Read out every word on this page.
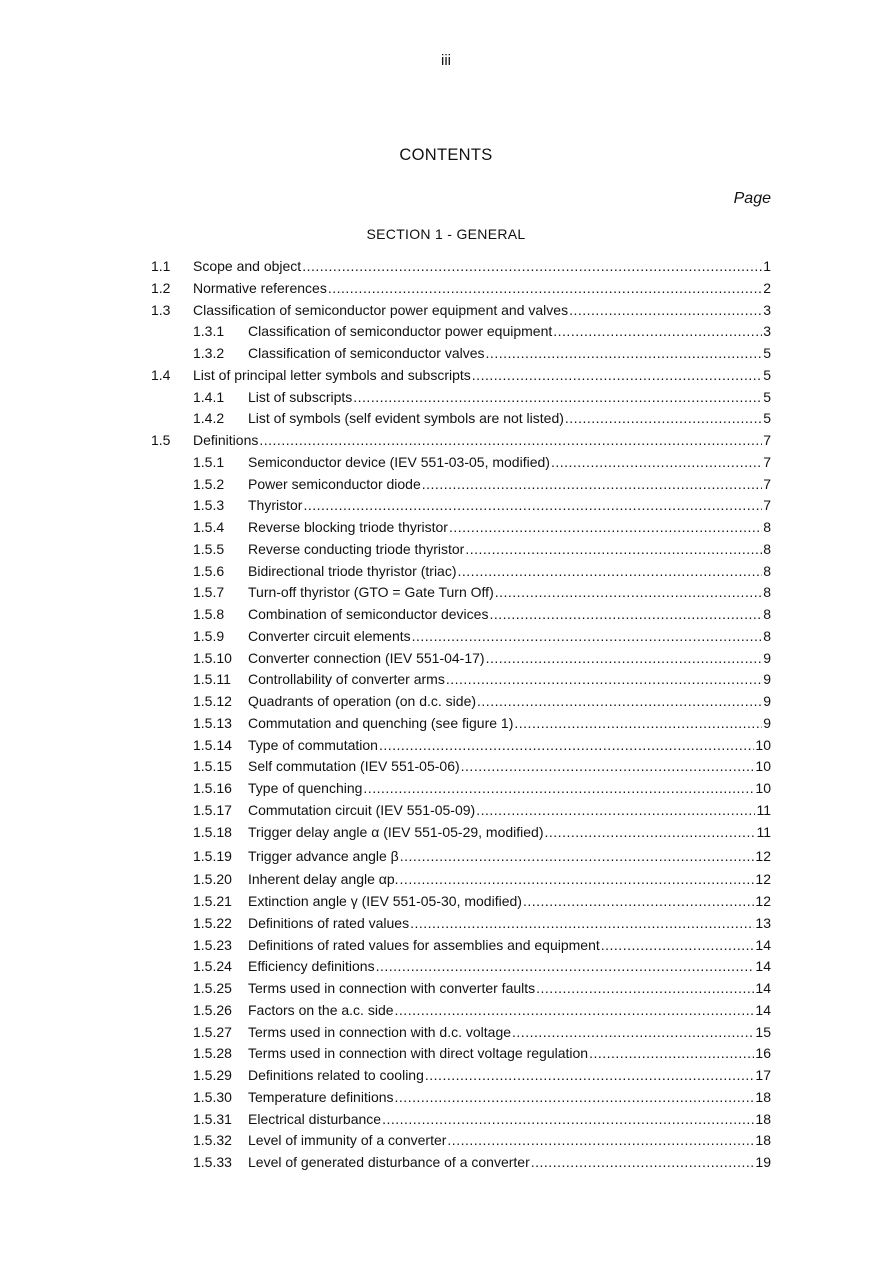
iii
CONTENTS
Page
SECTION 1 - GENERAL
1.1 Scope and object .....	1
1.2 Normative references .....	2
1.3 Classification of semiconductor power equipment and valves .....	3
1.3.1 Classification of semiconductor power equipment .....	3
1.3.2 Classification of semiconductor valves .....	5
1.4 List of principal letter symbols and subscripts .....	5
1.4.1 List of subscripts .....	5
1.4.2 List of symbols (self evident symbols are not listed) .....	5
1.5 Definitions .....	7
1.5.1 Semiconductor device (IEV 551-03-05, modified) .....	7
1.5.2 Power semiconductor diode .....	7
1.5.3 Thyristor .....	7
1.5.4 Reverse blocking triode thyristor .....	8
1.5.5 Reverse conducting triode thyristor .....	8
1.5.6 Bidirectional triode thyristor (triac) .....	8
1.5.7 Turn-off thyristor (GTO = Gate Turn Off) .....	8
1.5.8 Combination of semiconductor devices .....	8
1.5.9 Converter circuit elements .....	8
1.5.10 Converter connection (IEV 551-04-17) .....	9
1.5.11 Controllability of converter arms .....	9
1.5.12 Quadrants of operation (on d.c. side) .....	9
1.5.13 Commutation and quenching (see figure 1) .....	9
1.5.14 Type of commutation .....	10
1.5.15 Self commutation (IEV 551-05-06) .....	10
1.5.16 Type of quenching .....	10
1.5.17 Commutation circuit (IEV 551-05-09) .....	11
1.5.18 Trigger delay angle α (IEV 551-05-29, modified) .....	11
1.5.19 Trigger advance angle β .....	12
1.5.20 Inherent delay angle αp. .....	12
1.5.21 Extinction angle γ (IEV 551-05-30, modified) .....	12
1.5.22 Definitions of rated values .....	13
1.5.23 Definitions of rated values for assemblies and equipment .....	14
1.5.24 Efficiency definitions .....	14
1.5.25 Terms used in connection with converter faults .....	14
1.5.26 Factors on the a.c. side .....	14
1.5.27 Terms used in connection with d.c. voltage .....	15
1.5.28 Terms used in connection with direct voltage regulation .....	16
1.5.29 Definitions related to cooling .....	17
1.5.30 Temperature definitions .....	18
1.5.31 Electrical disturbance .....	18
1.5.32 Level of immunity of a converter .....	18
1.5.33 Level of generated disturbance of a converter .....	19
